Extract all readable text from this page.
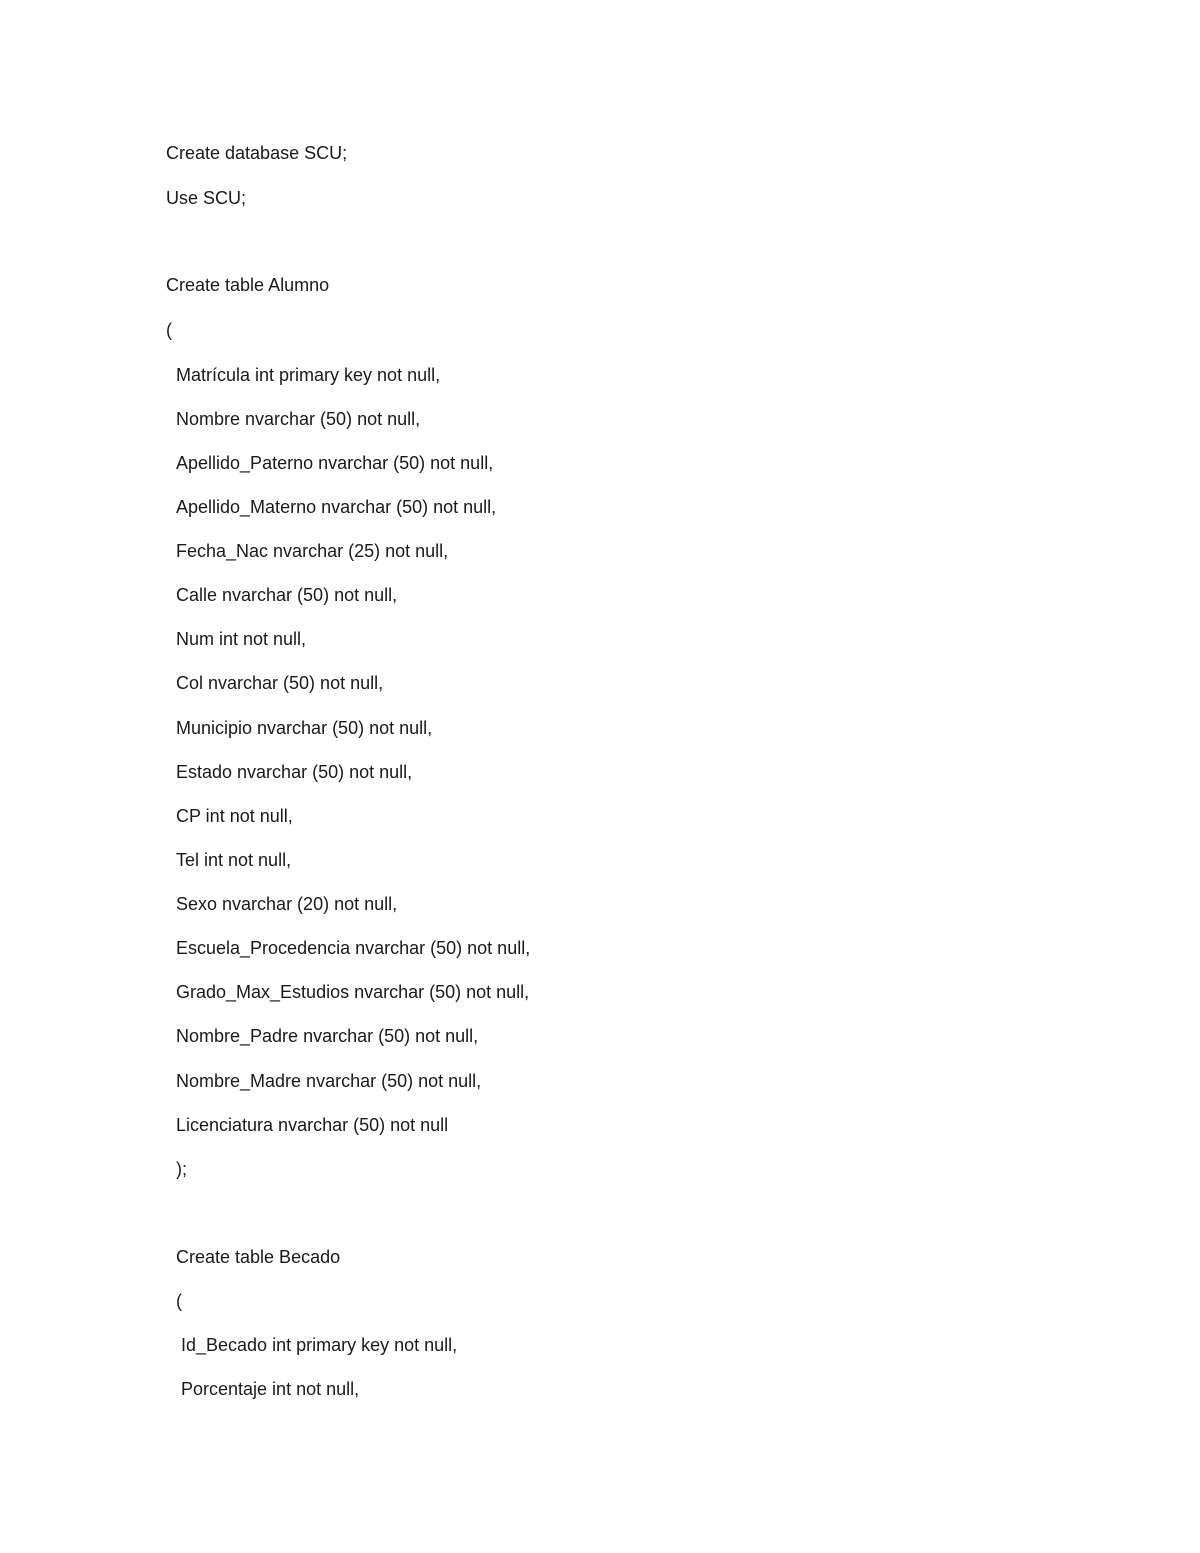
Create database SCU;
Use SCU;
Create table Alumno
(
Matrícula int primary key not null,
Nombre nvarchar (50) not null,
Apellido_Paterno nvarchar (50) not null,
Apellido_Materno nvarchar (50) not null,
Fecha_Nac nvarchar (25) not null,
Calle nvarchar (50) not null,
Num int not null,
Col nvarchar (50) not null,
Municipio nvarchar (50) not null,
Estado nvarchar (50) not null,
CP int not null,
Tel int not null,
Sexo nvarchar (20) not null,
Escuela_Procedencia nvarchar (50) not null,
Grado_Max_Estudios nvarchar (50) not null,
Nombre_Padre nvarchar (50) not null,
Nombre_Madre nvarchar (50) not null,
Licenciatura nvarchar (50) not null
);
Create table Becado
(
Id_Becado int primary key not null,
Porcentaje int not null,
